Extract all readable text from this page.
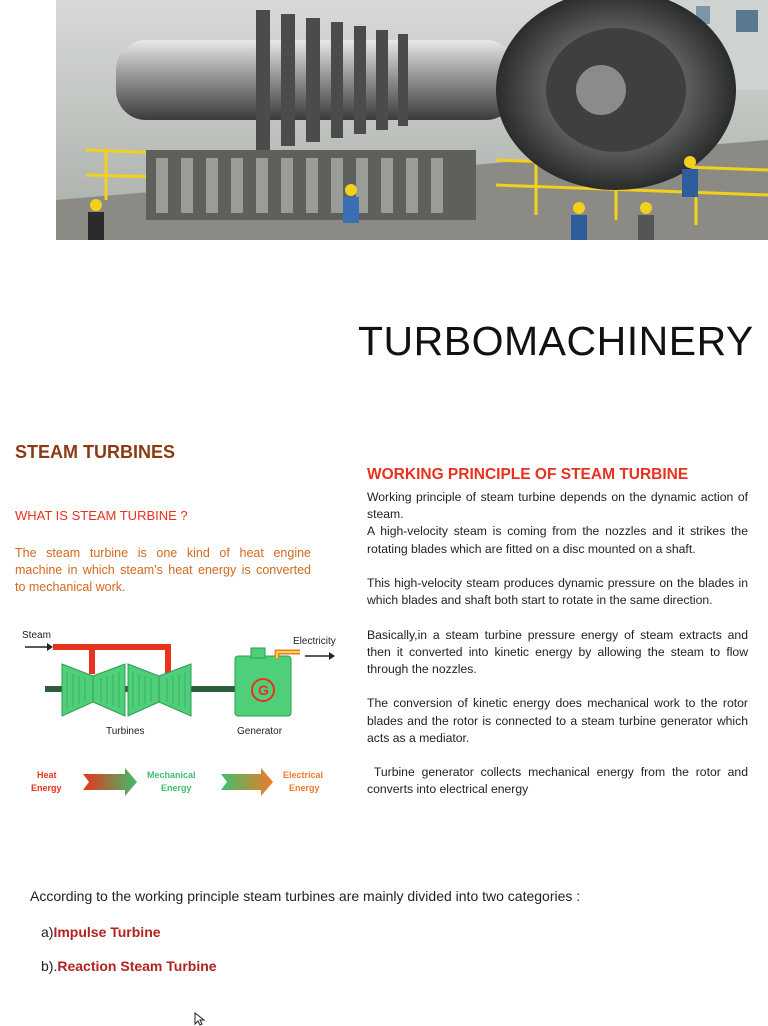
TURBOMACHINERY
STEAM TURBINES

WHAT IS STEAM TURBINE ?

The steam turbine is one kind of heat engine machine in which steam's heat energy is converted to mechanical work.

Steam
Turbines
G
Generator
Electricity
Heat
Energy
Mechanical
Energy
Electrical
Energy
WORKING PRINCIPLE OF STEAM TURBINE

Working principle of steam turbine depends on the dynamic action of steam.

A high-velocity steam is coming from the nozzles and it strikes the rotating blades which are fitted on a disc mounted on a shaft.

This high-velocity steam produces dynamic pressure on the blades in which blades and shaft both start to rotate in the same direction.

Basically,in a steam turbine pressure energy of steam extracts and then it converted into kinetic energy by allowing the steam to flow through the nozzles.

The conversion of kinetic energy does mechanical work to the rotor blades and the rotor is connected to a steam turbine generator which acts as a mediator.

Turbine generator collects mechanical energy from the rotor and converts into electrical energy

According to the working principle steam turbines are mainly divided into two categories :

a)Impulse Turbine

b).Reaction Steam Turbine
